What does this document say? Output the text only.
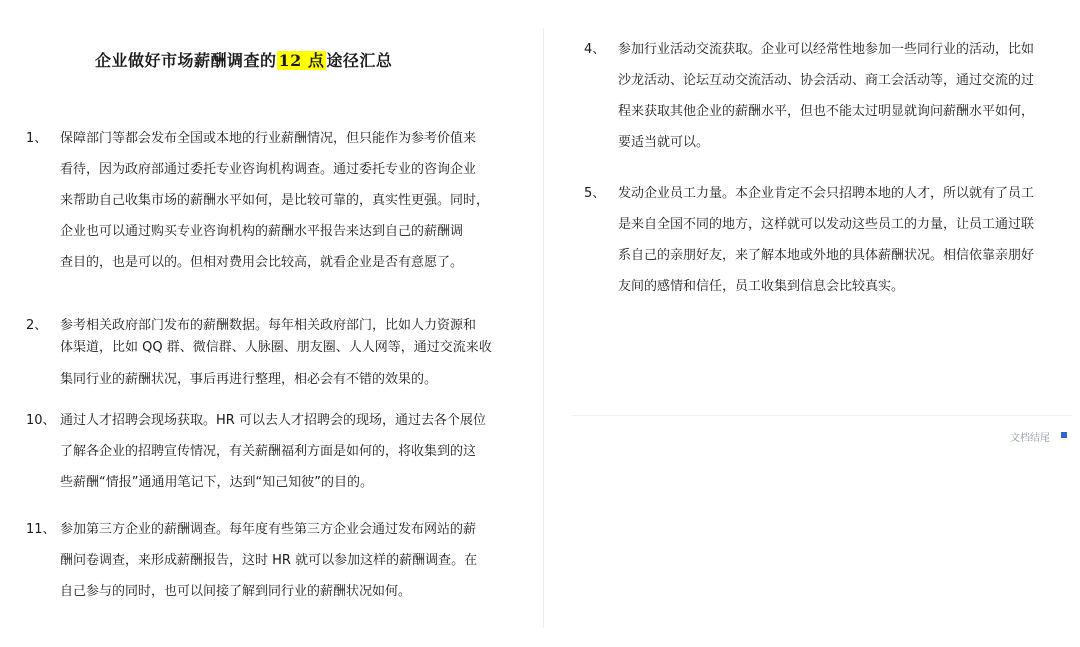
企业做好市场薪酬调查的 12 点 途径汇总
1、 保障部门等都会发布全国或本地的行业薪酬情况，但只能作为参考价值来
看待，因为政府部通过委托专业咨询机构调查。通过委托专业的咨询企业
来帮助自己收集市场的薪酬水平如何，是比较可靠的，真实性更强。同时，
企业也可以通过购买专业咨询机构的薪酬水平报告来达到自己的薪酬调
查目的，也是可以的。但相对费用会比较高，就看企业是否有意愿了。
2、 参考相关政府部门发布的薪酬数据。每年相关政府部门，比如人力资源和
体渠道，比如 QQ 群、微信群、人脉圈、朋友圈、人人网等，通过交流来收
集同行业的薪酬状况，事后再进行整理，相必会有不错的效果的。
10、 通过人才招聘会现场获取。HR 可以去人才招聘会的现场，通过去各个展位
了解各企业的招聘宣传情况，有关薪酬福利方面是如何的，将收集到的这
些薪酬“情报”通通用笔记下，达到“知己知彼”的目的。
11、 参加第三方企业的薪酬调查。每年度有些第三方企业会通过发布网站的薪
酬问卷调查，来形成薪酬报告，这时 HR 就可以参加这样的薪酬调查。在
自己参与的同时，也可以间接了解到同行业的薪酬状况如何。
4、 参加行业活动交流获取。企业可以经常性地参加一些同行业的活动，比如
沙龙活动、论坛互动交流活动、协会活动、商工会活动等，通过交流的过
程来获取其他企业的薪酬水平，但也不能太过明显就询问薪酬水平如何，
要适当就可以。
5、 发动企业员工力量。本企业肯定不会只招聘本地的人才，所以就有了员工
是来自全国不同的地方，这样就可以发动这些员工的力量，让员工通过联
系自己的亲朋好友，来了解本地或外地的具体薪酬状况。相信依靠亲朋好
友间的感情和信任，员工收集到信息会比较真实。
文档结尾
